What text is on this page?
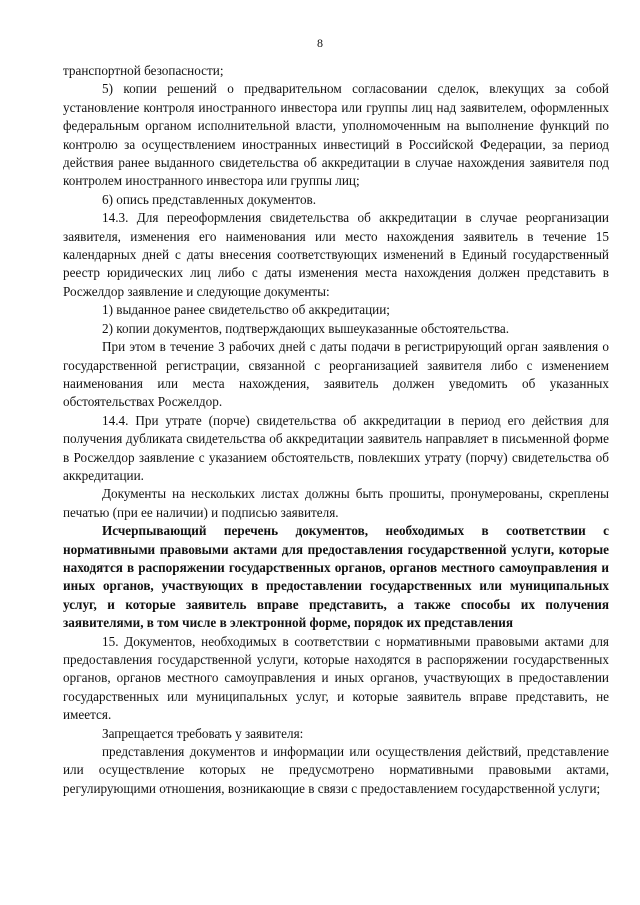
8

транспортной безопасности;

5) копии решений о предварительном согласовании сделок, влекущих за собой установление контроля иностранного инвестора или группы лиц над заявителем, оформленных федеральным органом исполнительной власти, уполномоченным на выполнение функций по контролю за осуществлением иностранных инвестиций в Российской Федерации, за период действия ранее выданного свидетельства об аккредитации в случае нахождения заявителя под контролем иностранного инвестора или группы лиц;

6) опись представленных документов.

14.3. Для переоформления свидетельства об аккредитации в случае реорганизации заявителя, изменения его наименования или место нахождения заявитель в течение 15 календарных дней с даты внесения соответствующих изменений в Единый государственный реестр юридических лиц либо с даты изменения места нахождения должен представить в Росжелдор заявление и следующие документы:

1) выданное ранее свидетельство об аккредитации;

2) копии документов, подтверждающих вышеуказанные обстоятельства.

При этом в течение 3 рабочих дней с даты подачи в регистрирующий орган заявления о государственной регистрации, связанной с реорганизацией заявителя либо с изменением наименования или места нахождения, заявитель должен уведомить об указанных обстоятельствах Росжелдор.

14.4. При утрате (порче) свидетельства об аккредитации в период его действия для получения дубликата свидетельства об аккредитации заявитель направляет в письменной форме в Росжелдор заявление с указанием обстоятельств, повлекших утрату (порчу) свидетельства об аккредитации.

Документы на нескольких листах должны быть прошиты, пронумерованы, скреплены печатью (при ее наличии) и подписью заявителя.

Исчерпывающий перечень документов, необходимых в соответствии с нормативными правовыми актами для предоставления государственной услуги, которые находятся в распоряжении государственных органов, органов местного самоуправления и иных органов, участвующих в предоставлении государственных или муниципальных услуг, и которые заявитель вправе представить, а также способы их получения заявителями, в том числе в электронной форме, порядок их представления

15. Документов, необходимых в соответствии с нормативными правовыми актами для предоставления государственной услуги, которые находятся в распоряжении государственных органов, органов местного самоуправления и иных органов, участвующих в предоставлении государственных или муниципальных услуг, и которые заявитель вправе представить, не имеется.

Запрещается требовать у заявителя:

представления документов и информации или осуществления действий, представление или осуществление которых не предусмотрено нормативными правовыми актами, регулирующими отношения, возникающие в связи с предоставлением государственной услуги;
